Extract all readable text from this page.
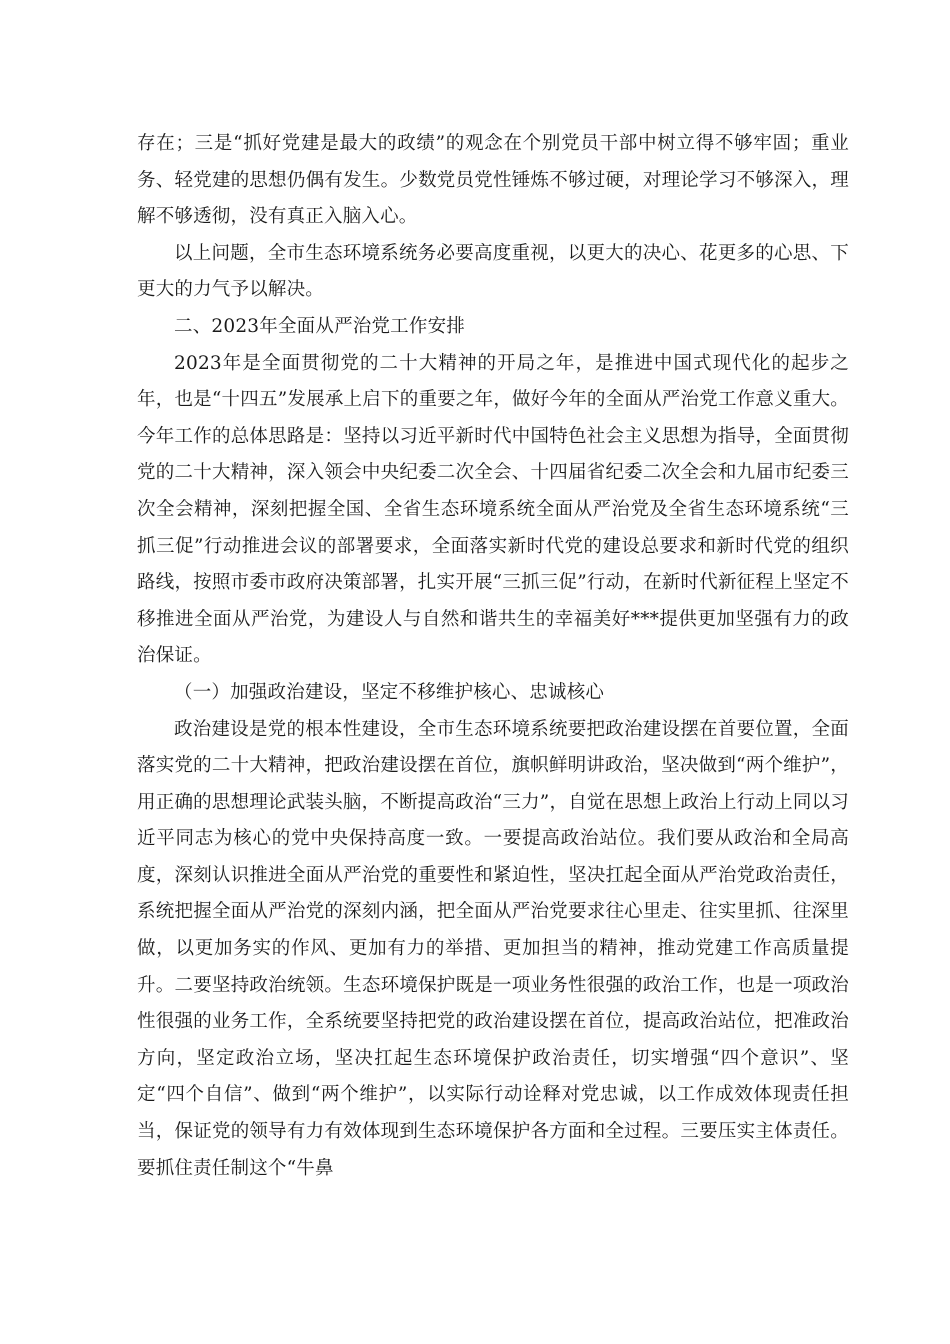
存在；三是“抓好党建是最大的政绩”的观念在个别党员干部中树立得不够牢固；重业务、轻党建的思想仍偶有发生。少数党员党性锤炼不够过硬，对理论学习不够深入，理解不够透彻，没有真正入脑入心。

以上问题，全市生态环境系统务必要高度重视，以更大的决心、花更多的心思、下更大的力气予以解决。

二、2023年全面从严治党工作安排

2023年是全面贯彻党的二十大精神的开局之年，是推进中国式现代化的起步之年，也是“十四五”发展承上启下的重要之年，做好今年的全面从严治党工作意义重大。今年工作的总体思路是：坚持以习近平新时代中国特色社会主义思想为指导，全面贯彻党的二十大精神，深入领会中央纪委二次全会、十四届省纪委二次全会和九届市纪委三次全会精神，深刻把握全国、全省生态环境系统全面从严治党及全省生态环境系统“三抓三促”行动推进会议的部署要求，全面落实新时代党的建设总要求和新时代党的组织路线，按照市委市政府决策部署，扎实开展“三抓三促”行动，在新时代新征程上坚定不移推进全面从严治党，为建设人与自然和谐共生的幸福美好***提供更加坚强有力的政治保证。

（一）加强政治建设，坚定不移维护核心、忠诚核心

政治建设是党的根本性建设，全市生态环境系统要把政治建设摆在首要位置，全面落实党的二十大精神，把政治建设摆在首位，旗帜鲜明讲政治，坚决做到“两个维护”，用正确的思想理论武装头脑，不断提高政治“三力”，自觉在思想上政治上行动上同以习近平同志为核心的党中央保持高度一致。一要提高政治站位。我们要从政治和全局高度，深刻认识推进全面从严治党的重要性和紧迫性，坚决扛起全面从严治党政治责任，系统把握全面从严治党的深刻内涵，把全面从严治党要求往心里走、往实里抓、往深里做，以更加务实的作风、更加有力的举措、更加担当的精神，推动党建工作高质量提升。二要坚持政治统领。生态环境保护既是一项业务性很强的政治工作，也是一项政治性很强的业务工作，全系统要坚持把党的政治建设摆在首位，提高政治站位，把准政治方向，坚定政治立场，坚决扛起生态环境保护政治责任，切实增强“四个意识”、坚定“四个自信”、做到“两个维护”，以实际行动诠释对党忠诚，以工作成效体现责任担当，保证党的领导有力有效体现到生态环境保护各方面和全过程。三要压实主体责任。要抓住责任制这个“牛鼻
